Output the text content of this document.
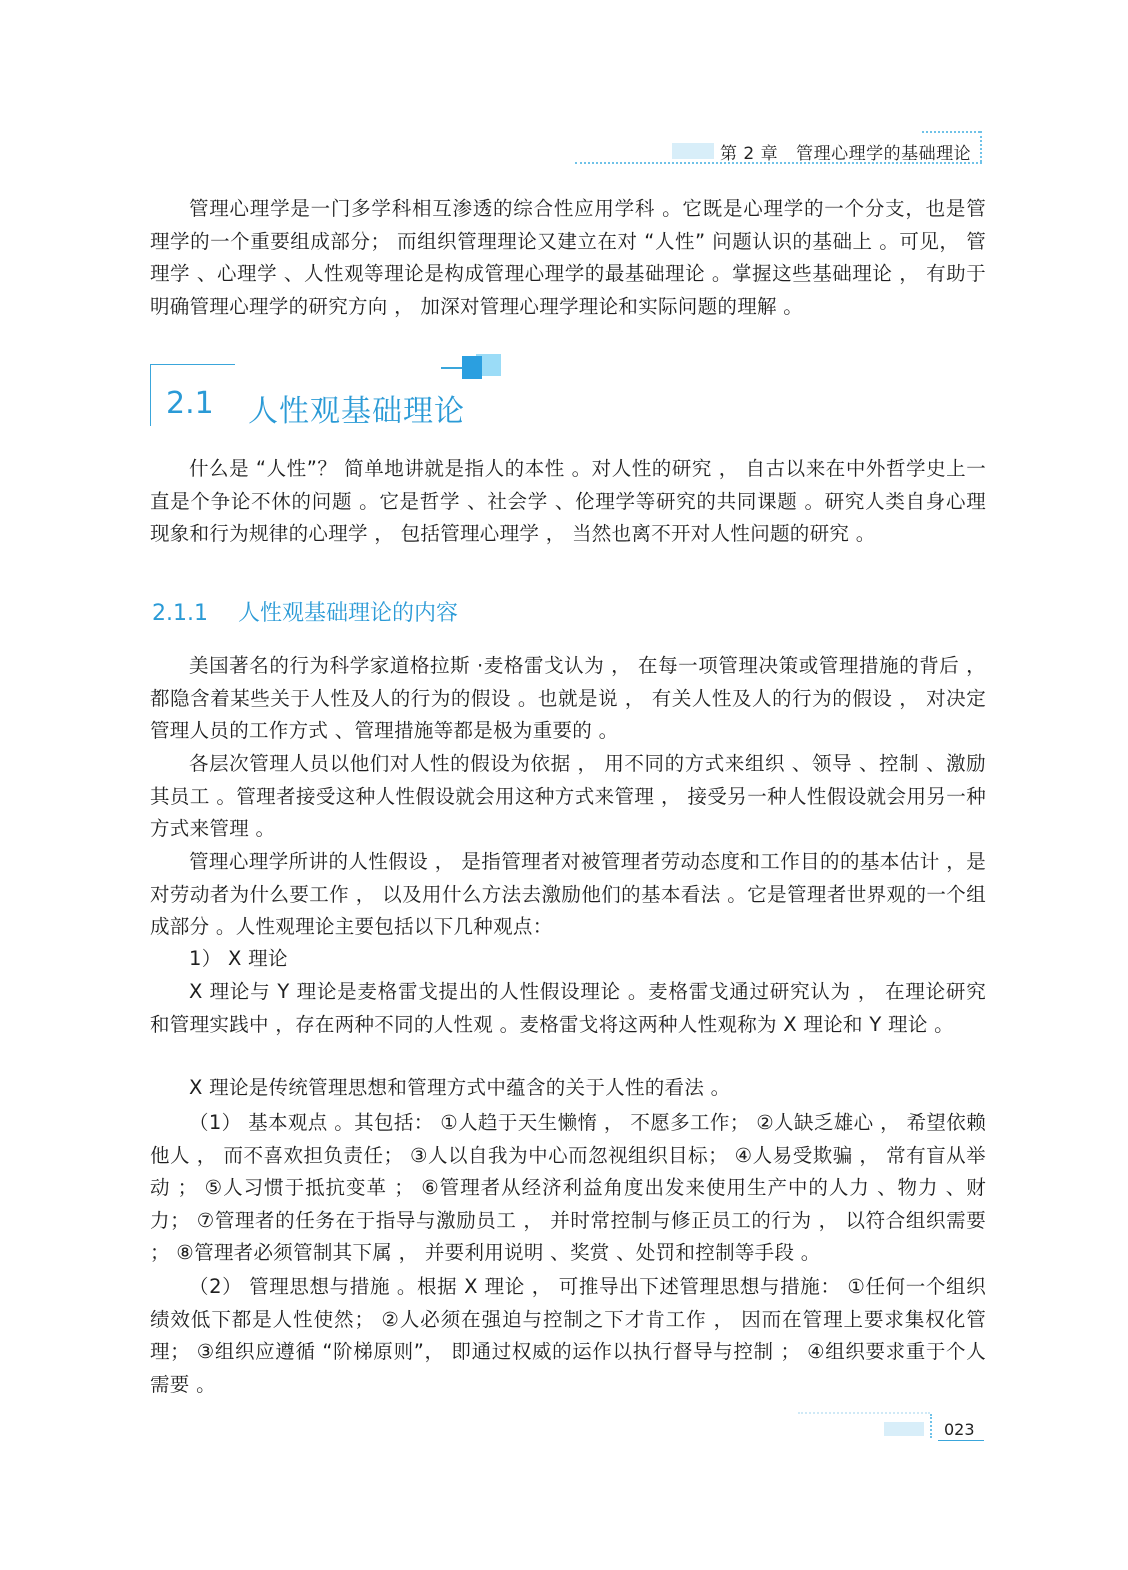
第 2 章 管理心理学的基础理论

管理心理学是一门多学科相互渗透的综合性应用学科 。它既是心理学的一个分支，也是管理学的一个重要组成部分； 而组织管理理论又建立在对 “人性” 问题认识的基础上 。可见， 管理学 、心理学 、人性观等理论是构成管理心理学的最基础理论 。掌握这些基础理论 ， 有助于明确管理心理学的研究方向 ， 加深对管理心理学理论和实际问题的理解 。

2.1 人性观基础理论

什么是 “人性”？ 简单地讲就是指人的本性 。对人性的研究 ， 自古以来在中外哲学史上一直是个争论不休的问题 。它是哲学 、社会学 、伦理学等研究的共同课题 。研究人类自身心理现象和行为规律的心理学 ， 包括管理心理学 ， 当然也离不开对人性问题的研究 。

2.1.1 人性观基础理论的内容

美国著名的行为科学家道格拉斯 ·麦格雷戈认为 ， 在每一项管理决策或管理措施的背后 ，都隐含着某些关于人性及人的行为的假设 。也就是说 ， 有关人性及人的行为的假设 ， 对决定管理人员的工作方式 、管理措施等都是极为重要的 。

各层次管理人员以他们对人性的假设为依据 ， 用不同的方式来组织 、领导 、控制 、激励其员工 。管理者接受这种人性假设就会用这种方式来管理 ， 接受另一种人性假设就会用另一种方式来管理 。

管理心理学所讲的人性假设 ， 是指管理者对被管理者劳动态度和工作目的的基本估计 ，是对劳动者为什么要工作 ， 以及用什么方法去激励他们的基本看法 。它是管理者世界观的一个组成部分 。人性观理论主要包括以下几种观点：

1） X 理论

X 理论与 Y 理论是麦格雷戈提出的人性假设理论 。麦格雷戈通过研究认为 ， 在理论研究和管理实践中 ，存在两种不同的人性观 。麦格雷戈将这两种人性观称为 X 理论和 Y 理论 。

X 理论是传统管理思想和管理方式中蕴含的关于人性的看法 。

（1） 基本观点 。其包括： ①人趋于天生懒惰 ， 不愿多工作； ②人缺乏雄心 ， 希望依赖他人 ， 而不喜欢担负责任； ③人以自我为中心而忽视组织目标； ④人易受欺骗 ， 常有盲从举动 ； ⑤人习惯于抵抗变革 ； ⑥管理者从经济利益角度出发来使用生产中的人力 、物力 、财力； ⑦管理者的任务在于指导与激励员工 ， 并时常控制与修正员工的行为 ， 以符合组织需要 ； ⑧管理者必须管制其下属 ， 并要利用说明 、奖赏 、处罚和控制等手段 。

（2） 管理思想与措施 。根据 X 理论 ， 可推导出下述管理思想与措施： ①任何一个组织绩效低下都是人性使然； ②人必须在强迫与控制之下才肯工作 ， 因而在管理上要求集权化管理； ③组织应遵循 “阶梯原则”， 即通过权威的运作以执行督导与控制 ； ④组织要求重于个人需要 。

023
